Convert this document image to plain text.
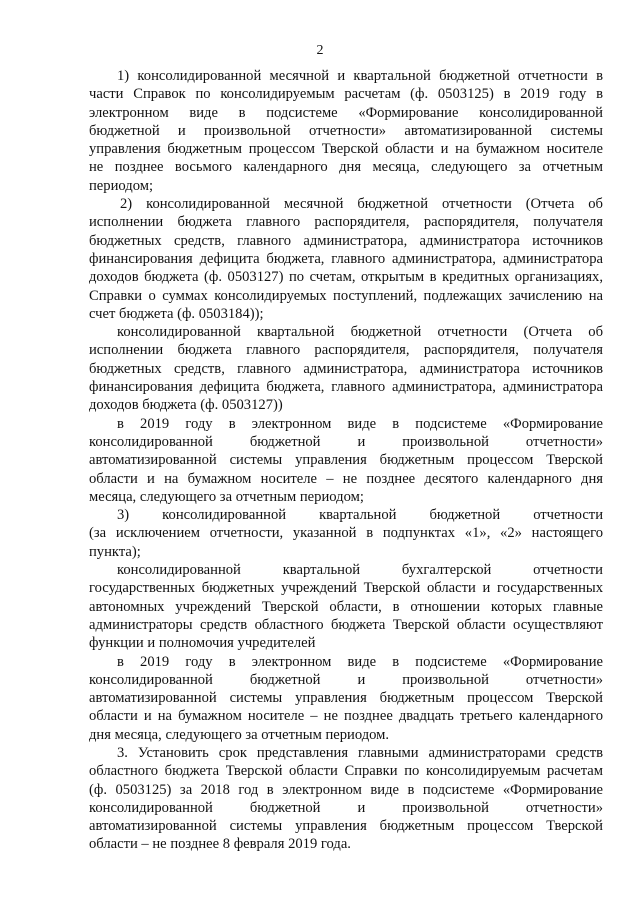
2

1) консолидированной месячной и квартальной бюджетной отчетности в
части Справок по консолидируемым расчетам (ф. 0503125) в 2019 году в
электронном виде в подсистеме «Формирование консолидированной
бюджетной и произвольной отчетности» автоматизированной системы
управления бюджетным процессом Тверской области и на бумажном носителе
не позднее восьмого календарного дня месяца, следующего за отчетным
периодом;

2) консолидированной месячной бюджетной отчетности (Отчета об
исполнении бюджета главного распорядителя, распорядителя, получателя
бюджетных средств, главного администратора, администратора источников
финансирования дефицита бюджета, главного администратора, администратора
доходов бюджета (ф. 0503127) по счетам, открытым в кредитных организациях,
Справки о суммах консолидируемых поступлений, подлежащих зачислению на
счет бюджета (ф. 0503184));

консолидированной квартальной бюджетной отчетности (Отчета об
исполнении бюджета главного распорядителя, распорядителя, получателя
бюджетных средств, главного администратора, администратора источников
финансирования дефицита бюджета, главного администратора, администратора
доходов бюджета (ф. 0503127))

в 2019 году в электронном виде в подсистеме «Формирование
консолидированной бюджетной и произвольной отчетности»
автоматизированной системы управления бюджетным процессом Тверской
области и на бумажном носителе – не позднее десятого календарного дня
месяца, следующего за отчетным периодом;

3) консолидированной квартальной бюджетной отчетности
(за исключением отчетности, указанной в подпунктах «1», «2» настоящего
пункта);

консолидированной квартальной бухгалтерской отчетности
государственных бюджетных учреждений Тверской области и государственных
автономных учреждений Тверской области, в отношении которых главные
администраторы средств областного бюджета Тверской области осуществляют
функции и полномочия учредителей

в 2019 году в электронном виде в подсистеме «Формирование
консолидированной бюджетной и произвольной отчетности»
автоматизированной системы управления бюджетным процессом Тверской
области и на бумажном носителе – не позднее двадцать третьего календарного
дня месяца, следующего за отчетным периодом.

3. Установить срок представления главными администраторами средств
областного бюджета Тверской области Справки по консолидируемым расчетам
(ф. 0503125) за 2018 год в электронном виде в подсистеме «Формирование
консолидированной бюджетной и произвольной отчетности»
автоматизированной системы управления бюджетным процессом Тверской
области – не позднее 8 февраля 2019 года.
